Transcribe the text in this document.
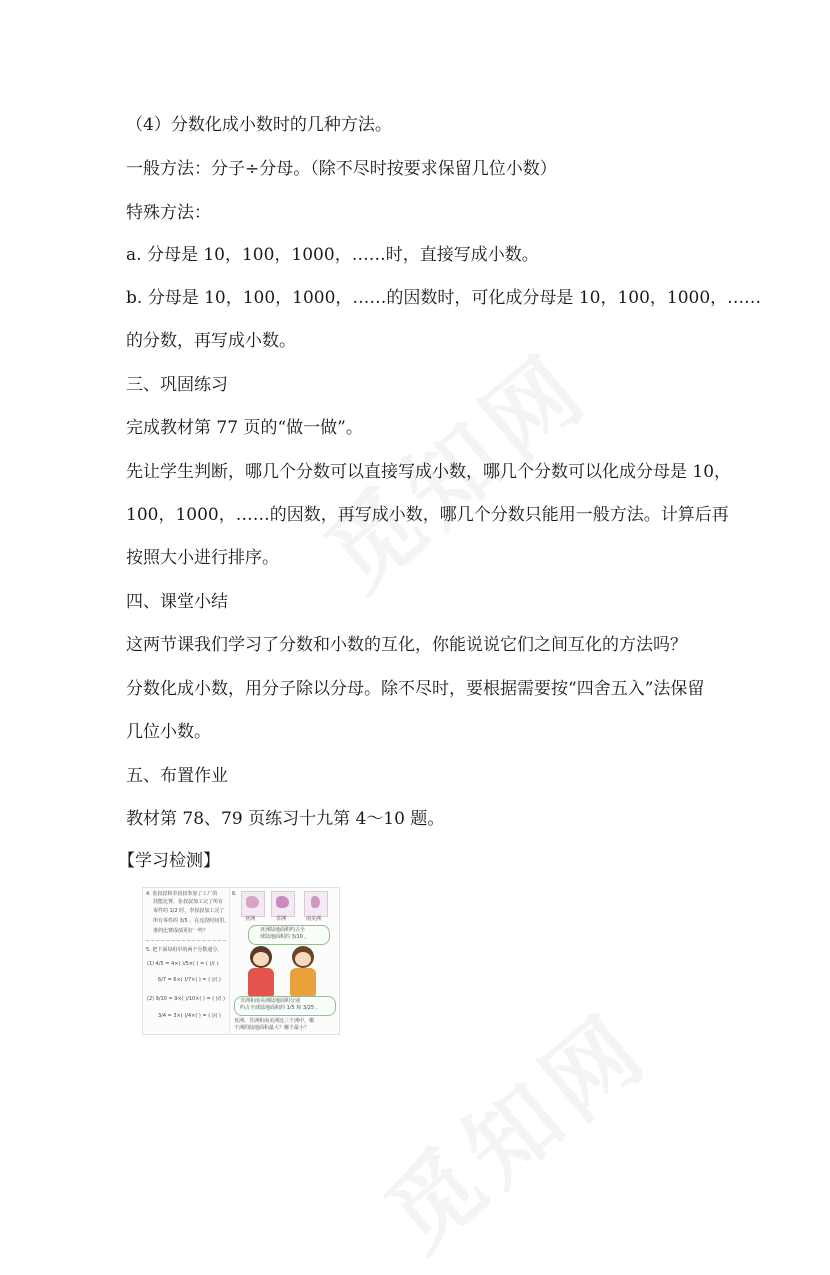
（4）分数化成小数时的几种方法。
一般方法：分子÷分母。（除不尽时按要求保留几位小数）
特殊方法：
a. 分母是 10，100，1000，……时，直接写成小数。
b. 分母是 10，100，1000，……的因数时，可化成分母是 10，100，1000，……
的分数，再写成小数。
三、巩固练习
完成教材第 77 页的“做一做”。
先让学生判断，哪几个分数可以直接写成小数，哪几个分数可以化成分母是 10，
100，1000，……的因数，再写成小数，哪几个分数只能用一般方法。计算后再
按照大小进行排序。
四、课堂小结
这两节课我们学习了分数和小数的互化，你能说说它们之间互化的方法吗？
分数化成小数，用分子除以分母。除不尽时，要根据需要按“四舍五入”法保留
几位小数。
五、布置作业
教材第 78、79 页练习十九第 4～10 题。
【学习检测】
4. 张叔叔和李叔叔参加了工厂的
技能比赛。张叔叔加工完了所有
零件的 1/2 时，李叔叔加工完了
所有零件的 3/5 。在这段时间里，
谁的比赛成绩更好一些？
5. 把下面每组中的两个分数通分。
(1) 4/5 = 4×( )/5×( ) = ( )/( )
6/7 = 6×( )/7×( ) = ( )/( )
(2) 9/10 = 9×( )/10×( ) = ( )/( )
3/4 = 3×( )/4×( ) = ( )/( )
6.
亚洲	非洲	南美洲
亚洲陆地面积约占全
球陆地面积的 3/10 。
非洲和南美洲陆地面积分别
约占全球陆地面积的 1/5 和 3/25 。
亚洲、非洲和南美洲这三个洲中，哪
个洲的陆地面积最大？哪个最小？
